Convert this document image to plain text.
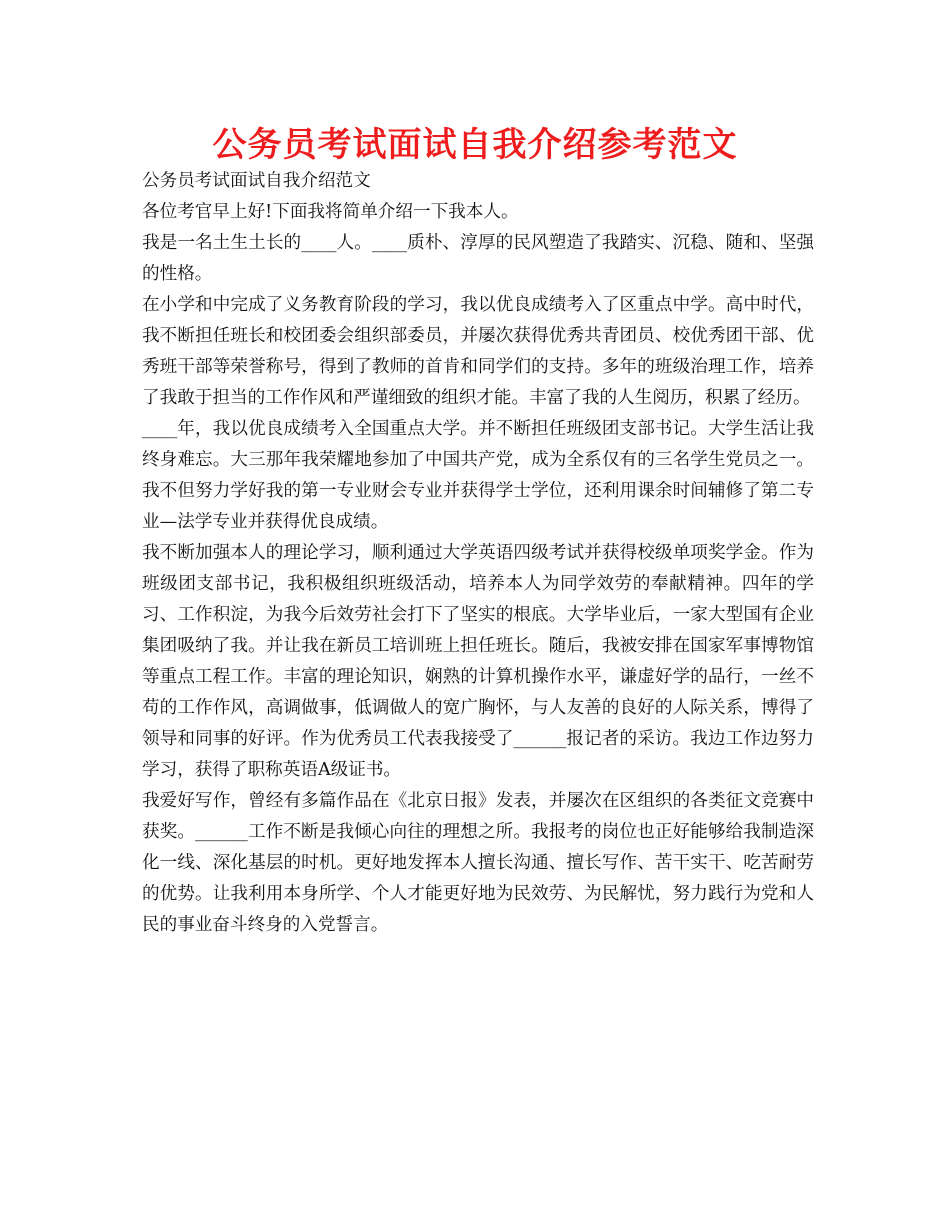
公务员考试面试自我介绍参考范文

公务员考试面试自我介绍范文

各位考官早上好!下面我将简单介绍一下我本人。

我是一名土生土长的____人。____质朴、淳厚的民风塑造了我踏实、沉稳、随和、坚强的性格。

在小学和中完成了义务教育阶段的学习，我以优良成绩考入了区重点中学。高中时代，我不断担任班长和校团委会组织部委员，并屡次获得优秀共青团员、校优秀团干部、优秀班干部等荣誉称号，得到了教师的首肯和同学们的支持。多年的班级治理工作，培养了我敢于担当的工作作风和严谨细致的组织才能。丰富了我的人生阅历，积累了经历。

____年，我以优良成绩考入全国重点大学。并不断担任班级团支部书记。大学生活让我终身难忘。大三那年我荣耀地参加了中国共产党，成为全系仅有的三名学生党员之一。我不但努力学好我的第一专业财会专业并获得学士学位，还利用课余时间辅修了第二专业—法学专业并获得优良成绩。

我不断加强本人的理论学习，顺利通过大学英语四级考试并获得校级单项奖学金。作为班级团支部书记，我积极组织班级活动，培养本人为同学效劳的奉献精神。四年的学习、工作积淀，为我今后效劳社会打下了坚实的根底。大学毕业后，一家大型国有企业集团吸纳了我。并让我在新员工培训班上担任班长。随后，我被安排在国家军事博物馆等重点工程工作。丰富的理论知识，娴熟的计算机操作水平，谦虚好学的品行，一丝不苟的工作作风，高调做事，低调做人的宽广胸怀，与人友善的良好的人际关系，博得了领导和同事的好评。作为优秀员工代表我接受了______报记者的采访。我边工作边努力学习，获得了职称英语A级证书。

我爱好写作，曾经有多篇作品在《北京日报》发表，并屡次在区组织的各类征文竞赛中获奖。______工作不断是我倾心向往的理想之所。我报考的岗位也正好能够给我制造深化一线、深化基层的时机。更好地发挥本人擅长沟通、擅长写作、苦干实干、吃苦耐劳的优势。让我利用本身所学、个人才能更好地为民效劳、为民解忧，努力践行为党和人民的事业奋斗终身的入党誓言。
